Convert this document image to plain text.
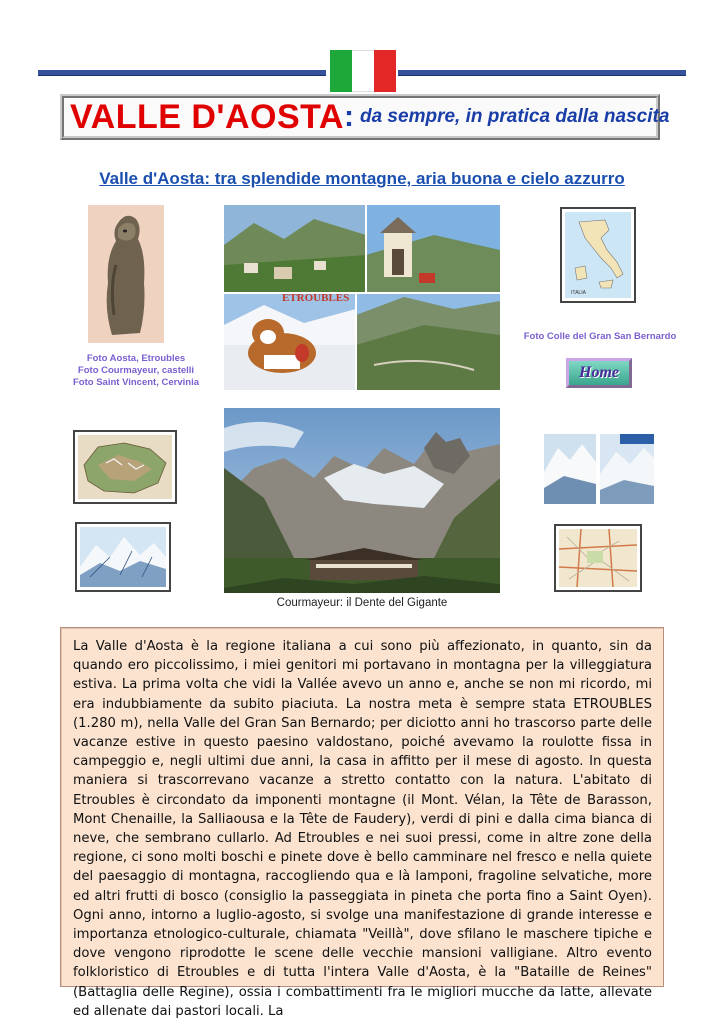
VALLE D'AOSTA : da sempre, in pratica dalla nascita
Valle d'Aosta: tra splendide montagne, aria buona e cielo azzurro
Foto Aosta, Etroubles
Foto Courmayeur, castelli
Foto Saint Vincent, Cervinia
ETROUBLES	ITALIA
Foto Colle del Gran San Bernardo
Home
Courmayeur: il Dente del Gigante

La Valle d'Aosta è la regione italiana a cui sono più affezionato, in quanto, sin da quando ero piccolissimo, i miei genitori mi portavano in montagna per la villeggiatura estiva. La prima volta che vidi la Vallée avevo un anno e, anche se non mi ricordo, mi era indubbiamente da subito piaciuta. La nostra meta è sempre stata ETROUBLES (1.280 m), nella Valle del Gran San Bernardo; per diciotto anni ho trascorso parte delle vacanze estive in questo paesino valdostano, poiché avevamo la roulotte fissa in campeggio e, negli ultimi due anni, la casa in affitto per il mese di agosto. In questa maniera si trascorrevano vacanze a stretto contatto con la natura. L'abitato di Etroubles è circondato da imponenti montagne (il Mont. Vélan, la Tête de Barasson, Mont Chenaille, la Salliaousa e la Tête de Faudery), verdi di pini e dalla cima bianca di neve, che sembrano cullarlo. Ad Etroubles e nei suoi pressi, come in altre zone della regione, ci sono molti boschi e pinete dove è bello camminare nel fresco e nella quiete del paesaggio di montagna, raccogliendo qua e là lamponi, fragoline selvatiche, more ed altri frutti di bosco (consiglio la passeggiata in pineta che porta fino a Saint Oyen). Ogni anno, intorno a luglio-agosto, si svolge una manifestazione di grande interesse e importanza etnologico-culturale, chiamata "Veillà", dove sfilano le maschere tipiche e dove vengono riprodotte le scene delle vecchie mansioni valligiane. Altro evento folkloristico di Etroubles e di tutta l'intera Valle d'Aosta, è la "Bataille de Reines" (Battaglia delle Regine), ossia i combattimenti fra le migliori mucche da latte, allevate ed allenate dai pastori locali. La
